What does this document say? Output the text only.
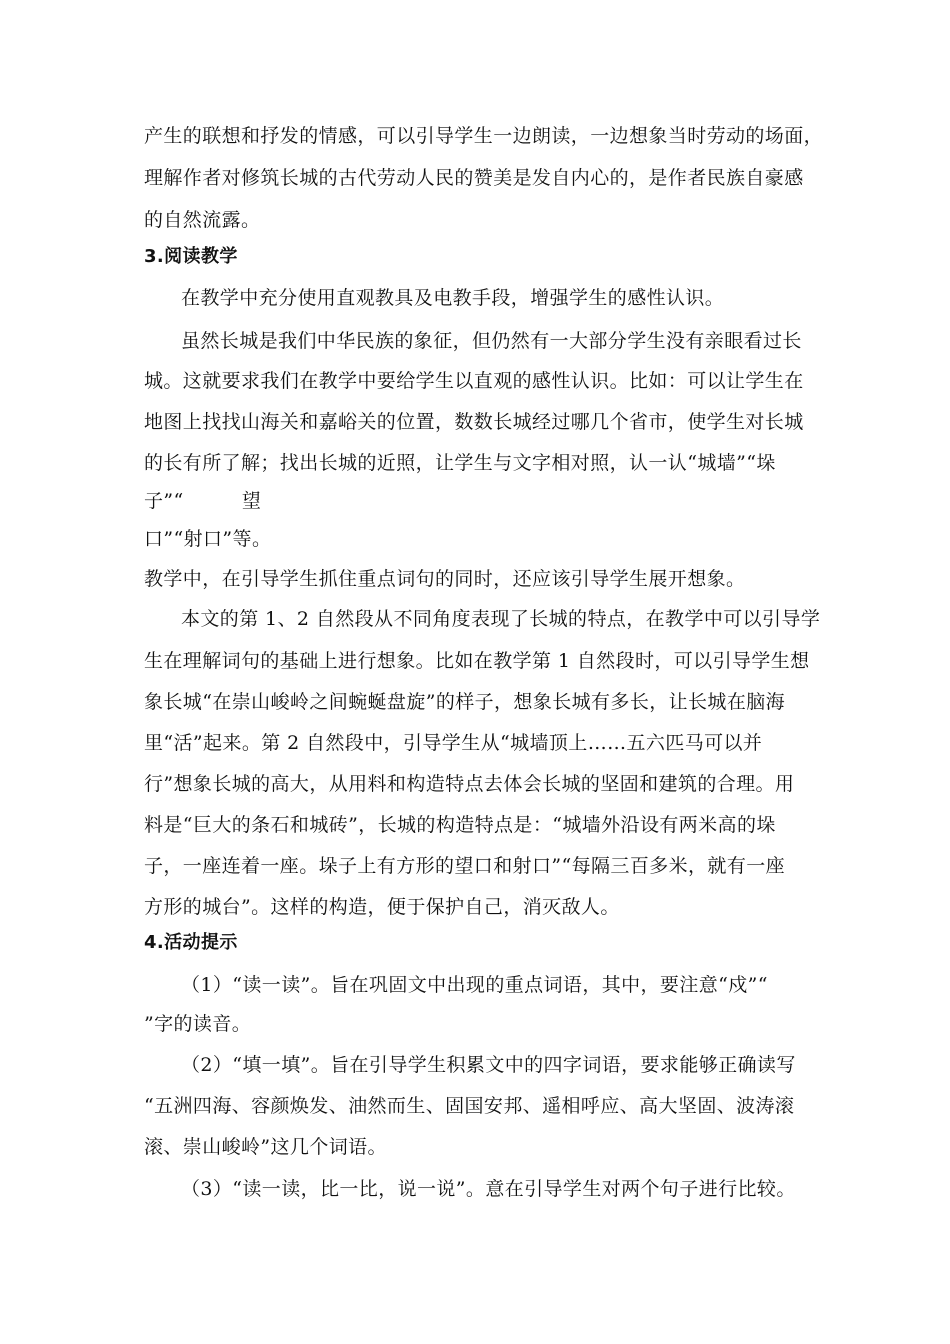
产生的联想和抒发的情感，可以引导学生一边朗读，一边想象当时劳动的场面，
理解作者对修筑长城的古代劳动人民的赞美是发自内心的，是作者民族自豪感
的自然流露。
3.阅读教学
在教学中充分使用直观教具及电教手段，增强学生的感性认识。
虽然长城是我们中华民族的象征，但仍然有一大部分学生没有亲眼看过长
城。这就要求我们在教学中要给学生以直观的感性认识。比如：可以让学生在
地图上找找山海关和嘉峪关的位置，数数长城经过哪几个省市，使学生对长城
的长有所了解；找出长城的近照，让学生与文字相对照，认一认“城墙”“垛
子”“　　　望
口”“射口”等。
教学中，在引导学生抓住重点词句的同时，还应该引导学生展开想象。
本文的第 1、2 自然段从不同角度表现了长城的特点，在教学中可以引导学
生在理解词句的基础上进行想象。比如在教学第 1 自然段时，可以引导学生想
象长城“在崇山峻岭之间蜿蜒盘旋”的样子，想象长城有多长，让长城在脑海
里“活”起来。第 2 自然段中，引导学生从“城墙顶上……五六匹马可以并
行”想象长城的高大，从用料和构造特点去体会长城的坚固和建筑的合理。用
料是“巨大的条石和城砖”，长城的构造特点是：“城墙外沿设有两米高的垛
子，一座连着一座。垛子上有方形的望口和射口”“每隔三百多米，就有一座
方形的城台”。这样的构造，便于保护自己，消灭敌人。
4.活动提示
（1）“读一读”。旨在巩固文中出现的重点词语，其中，要注意“戍”“
”字的读音。
（2）“填一填”。旨在引导学生积累文中的四字词语，要求能够正确读写
“五洲四海、容颜焕发、油然而生、固国安邦、遥相呼应、高大坚固、波涛滚
滚、崇山峻岭”这几个词语。
（3）“读一读，比一比，说一说”。意在引导学生对两个句子进行比较。
